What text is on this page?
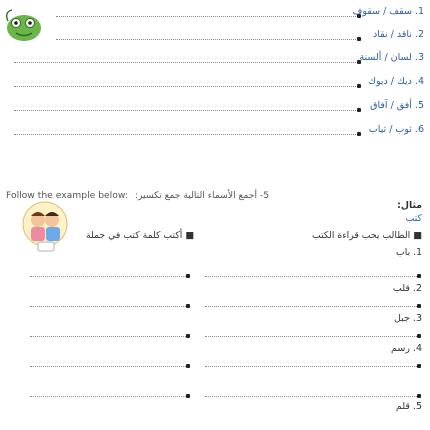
1. سقف / سقوف
2. ناقد / نقاد
3. لسان / ألسنة
4. ديك / ديوك
5. أفق / آفاق
6. ثوب / ثياب
Follow the example below: 5- أجمع الأسماء التالية جمع تكسير:
مثال:
كتب
■ أكتب كلمة كتب في جملة	■ الطالب يحب قراءة الكتب
1. باب
2. قلب
3. جبل
4. رسم
5. قلم
